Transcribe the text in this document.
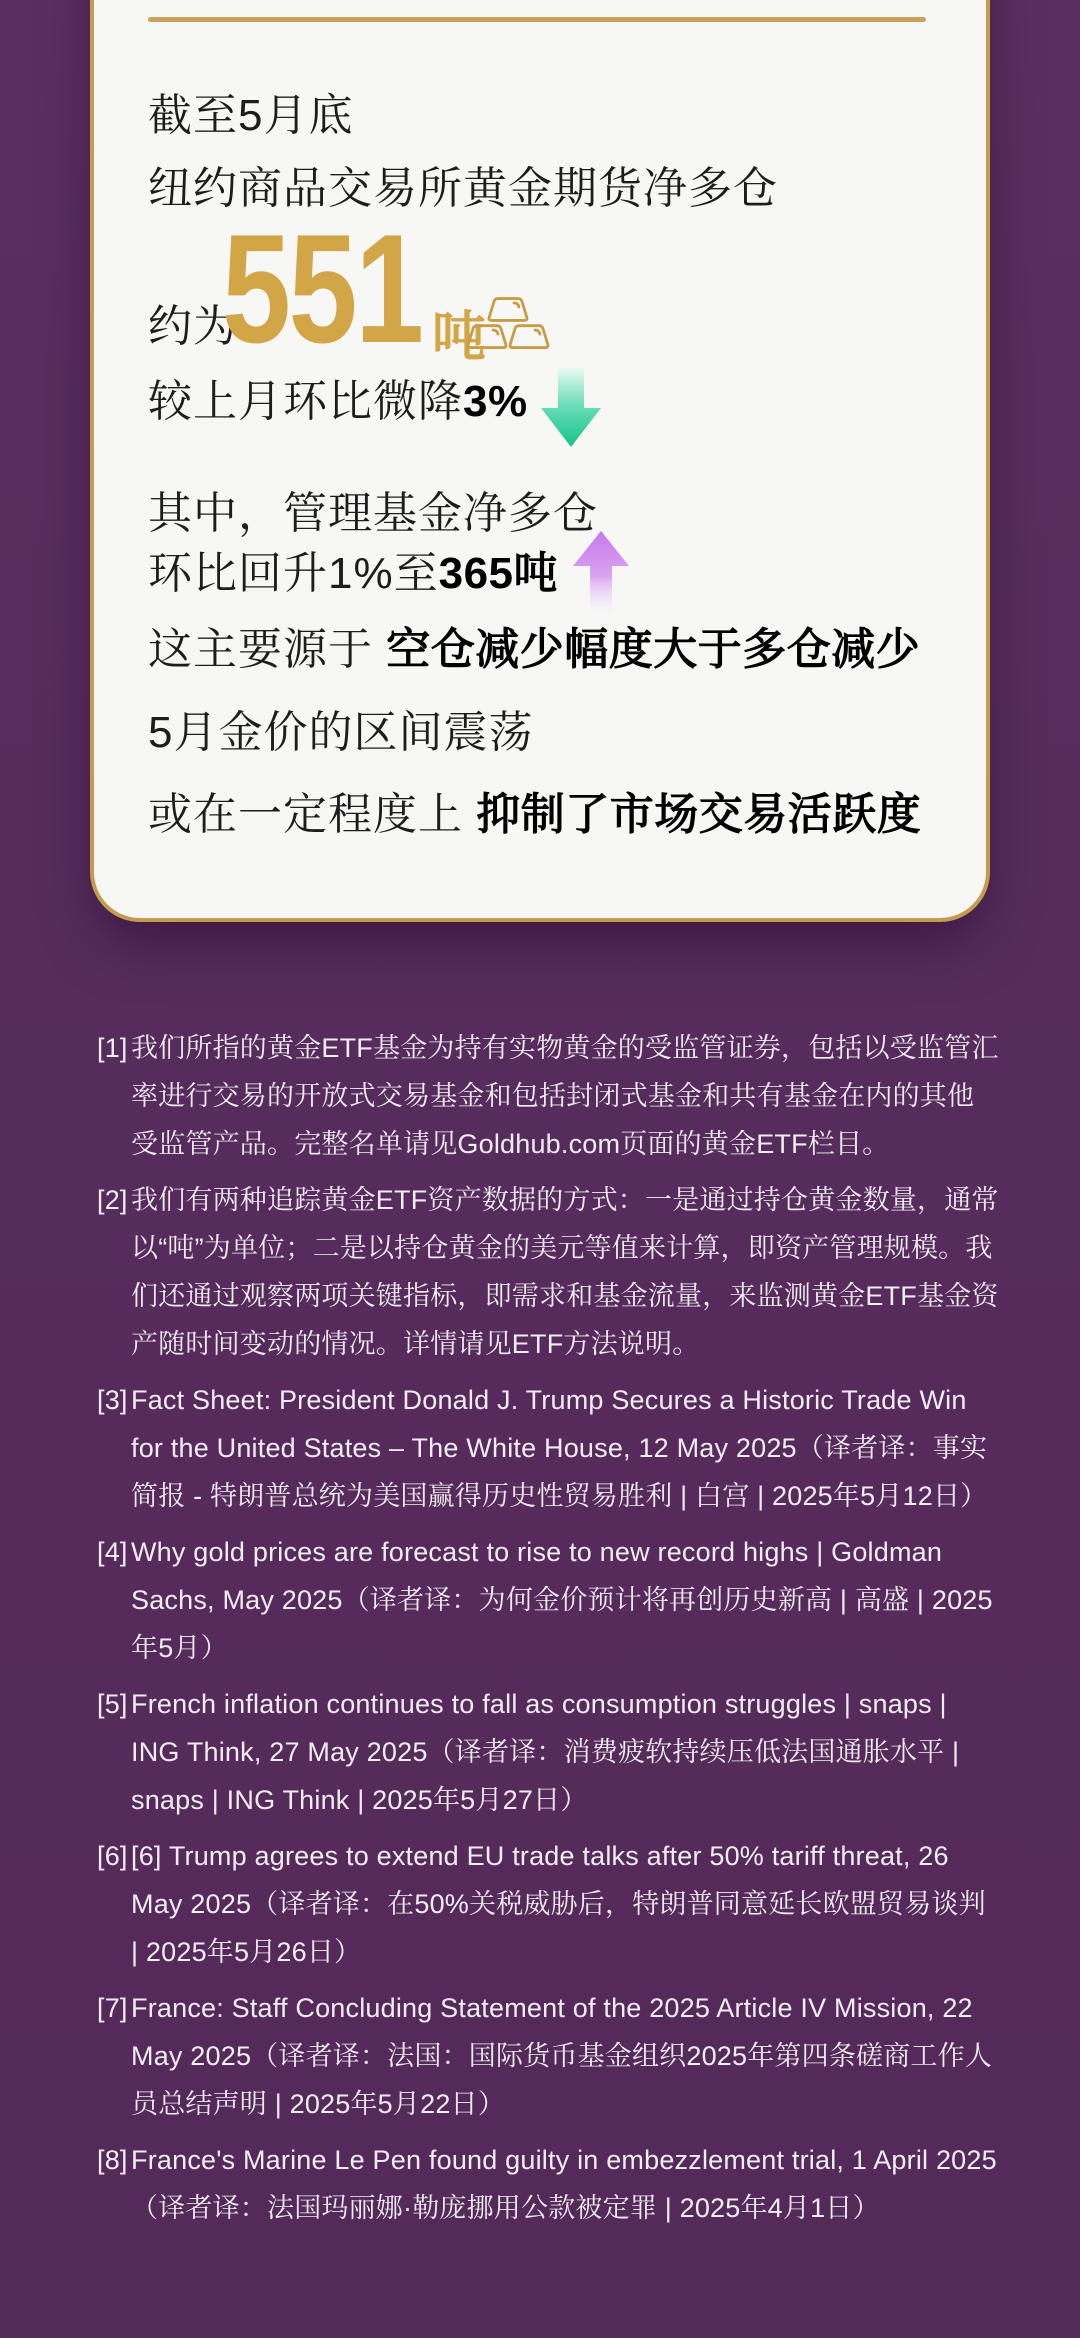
截至5月底
纽约商品交易所黄金期货净多仓
约为
551 吨
较上月环比微降 3%
其中，管理基金净多仓
环比回升1%至 365吨
这主要源于 空仓减少幅度大于多仓减少
5月金价的区间震荡
或在一定程度上 抑制了市场交易活跃度
[1] 我们所指的黄金ETF基金为持有实物黄金的受监管证券，包括以受监管汇率进行交易的开放式交易基金和包括封闭式基金和共有基金在内的其他受监管产品。完整名单请见Goldhub.com页面的黄金ETF栏目。
[2] 我们有两种追踪黄金ETF资产数据的方式：一是通过持仓黄金数量，通常以“吨”为单位；二是以持仓黄金的美元等值来计算，即资产管理规模。我们还通过观察两项关键指标，即需求和基金流量，来监测黄金ETF基金资产随时间变动的情况。详情请见ETF方法说明。
[3] Fact Sheet: President Donald J. Trump Secures a Historic Trade Win for the United States – The White House, 12 May 2025（译者译：事实简报 - 特朗普总统为美国赢得历史性贸易胜利 | 白宫 | 2025年5月12日）
[4] Why gold prices are forecast to rise to new record highs | Goldman Sachs, May 2025（译者译：为何金价预计将再创历史新高 | 高盛 | 2025年5月）
[5] French inflation continues to fall as consumption struggles | snaps | ING Think, 27 May 2025（译者译：消费疲软持续压低法国通胀水平 | snaps | ING Think | 2025年5月27日）
[6] [6] Trump agrees to extend EU trade talks after 50% tariff threat, 26 May 2025（译者译：在50%关税威胁后，特朗普同意延长欧盟贸易谈判 | 2025年5月26日）
[7] France: Staff Concluding Statement of the 2025 Article IV Mission, 22 May 2025（译者译：法国：国际货币基金组织2025年第四条磋商工作人员总结声明 | 2025年5月22日）
[8] France's Marine Le Pen found guilty in embezzlement trial, 1 April 2025（译者译：法国玛丽娜·勒庞挪用公款被定罪 | 2025年4月1日）
